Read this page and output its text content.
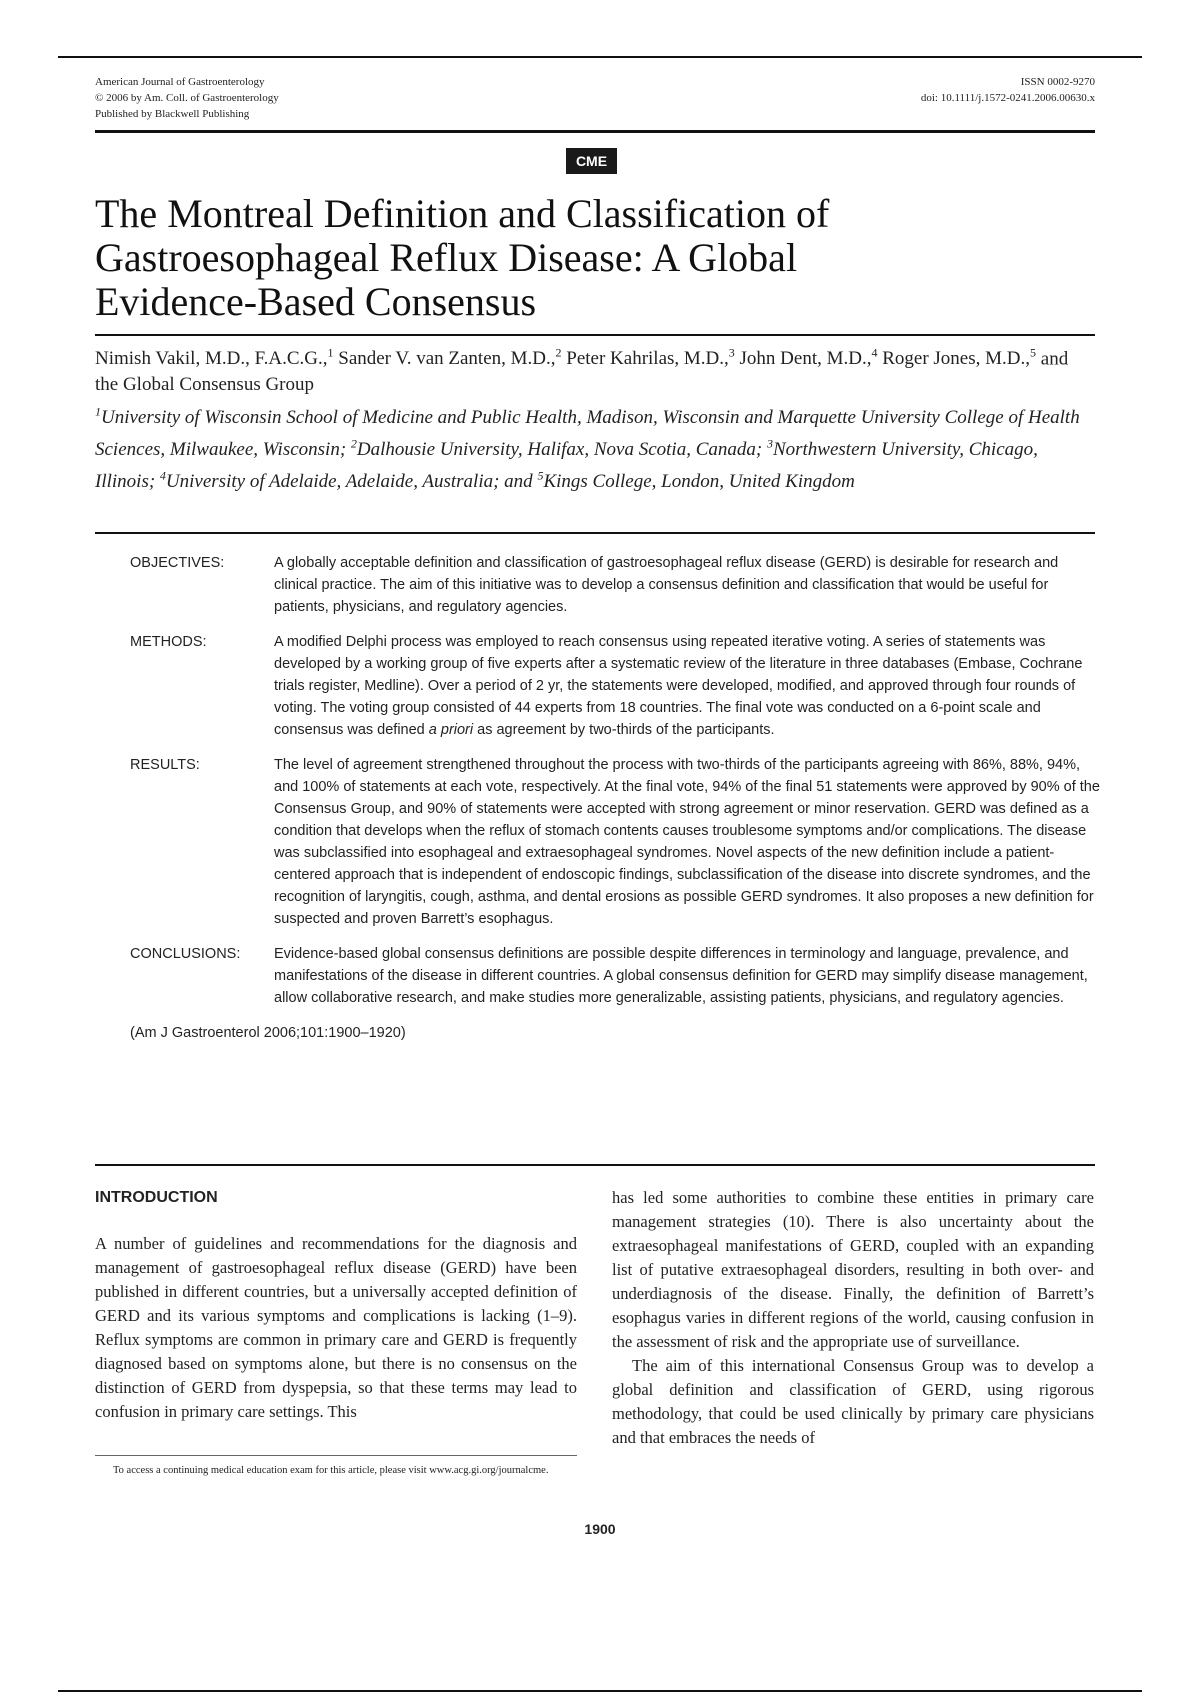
American Journal of Gastroenterology
© 2006 by Am. Coll. of Gastroenterology
Published by Blackwell Publishing
ISSN 0002-9270
doi: 10.1111/j.1572-0241.2006.00630.x
CME
The Montreal Definition and Classification of
Gastroesophageal Reflux Disease: A Global
Evidence-Based Consensus
Nimish Vakil, M.D., F.A.C.G.,$^1$ Sander V. van Zanten, M.D.,$^2$ Peter Kahrilas, M.D.,$^3$ John Dent, M.D.,$^4$ Roger Jones, M.D.,$^5$ and the Global Consensus Group
$^1$University of Wisconsin School of Medicine and Public Health, Madison, Wisconsin and Marquette University College of Health Sciences, Milwaukee, Wisconsin; $^2$Dalhousie University, Halifax, Nova Scotia, Canada; $^3$Northwestern University, Chicago, Illinois; $^4$University of Adelaide, Adelaide, Australia; and $^5$Kings College, London, United Kingdom
OBJECTIVES:	A globally acceptable definition and classification of gastroesophageal reflux disease (GERD) is desirable for research and clinical practice. The aim of this initiative was to develop a consensus definition and classification that would be useful for patients, physicians, and regulatory agencies.
METHODS:	A modified Delphi process was employed to reach consensus using repeated iterative voting. A series of statements was developed by a working group of five experts after a systematic review of the literature in three databases (Embase, Cochrane trials register, Medline). Over a period of 2 yr, the statements were developed, modified, and approved through four rounds of voting. The voting group consisted of 44 experts from 18 countries. The final vote was conducted on a 6-point scale and consensus was defined a priori as agreement by two-thirds of the participants.
RESULTS:	The level of agreement strengthened throughout the process with two-thirds of the participants agreeing with 86%, 88%, 94%, and 100% of statements at each vote, respectively. At the final vote, 94% of the final 51 statements were approved by 90% of the Consensus Group, and 90% of statements were accepted with strong agreement or minor reservation. GERD was defined as a condition that develops when the reflux of stomach contents causes troublesome symptoms and/or complications. The disease was subclassified into esophageal and extraesophageal syndromes. Novel aspects of the new definition include a patient-centered approach that is independent of endoscopic findings, subclassification of the disease into discrete syndromes, and the recognition of laryngitis, cough, asthma, and dental erosions as possible GERD syndromes. It also proposes a new definition for suspected and proven Barrett’s esophagus.
CONCLUSIONS:	Evidence-based global consensus definitions are possible despite differences in terminology and language, prevalence, and manifestations of the disease in different countries. A global consensus definition for GERD may simplify disease management, allow collaborative research, and make studies more generalizable, assisting patients, physicians, and regulatory agencies.
(Am J Gastroenterol 2006;101:1900–1920)
INTRODUCTION

A number of guidelines and recommendations for the diagnosis and management of gastroesophageal reflux disease (GERD) have been published in different countries, but a universally accepted definition of GERD and its various symptoms and complications is lacking (1–9). Reflux symptoms are common in primary care and GERD is frequently diagnosed based on symptoms alone, but there is no consensus on the distinction of GERD from dyspepsia, so that these terms may lead to confusion in primary care settings. This

has led some authorities to combine these entities in primary care management strategies (10). There is also uncertainty about the extraesophageal manifestations of GERD, coupled with an expanding list of putative extraesophageal disorders, resulting in both over- and underdiagnosis of the disease. Finally, the definition of Barrett’s esophagus varies in different regions of the world, causing confusion in the assessment of risk and the appropriate use of surveillance.

The aim of this international Consensus Group was to develop a global definition and classification of GERD, using rigorous methodology, that could be used clinically by primary care physicians and that embraces the needs of

To access a continuing medical education exam for this article, please visit www.acg.gi.org/journalcme.

1900
